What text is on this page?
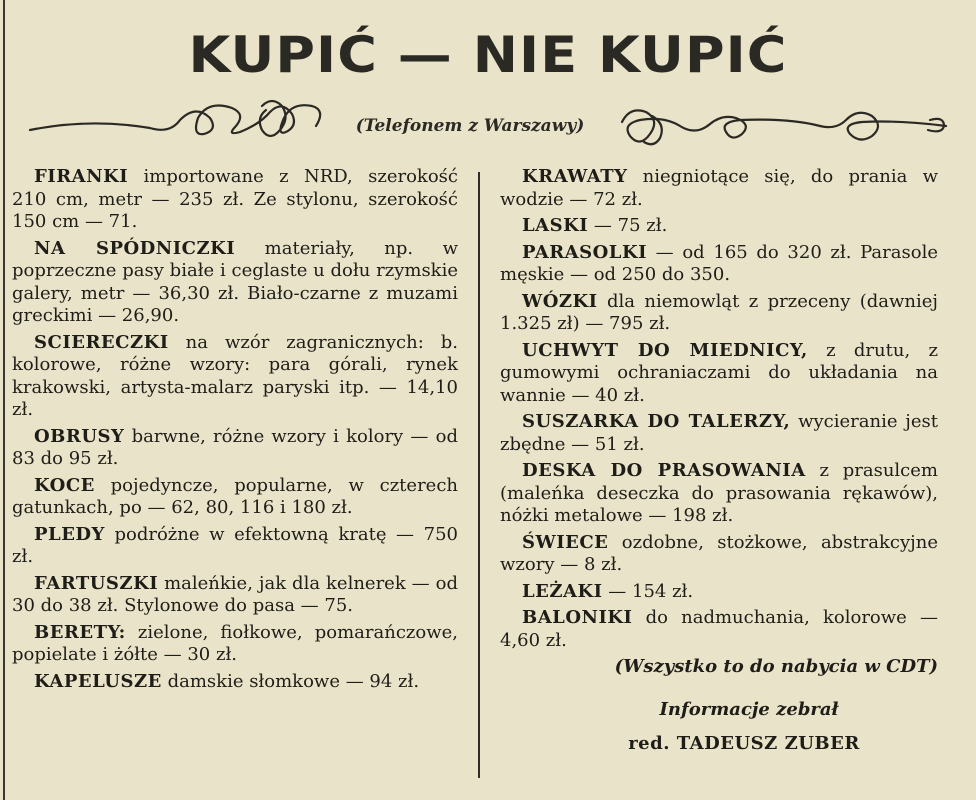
KUPIĆ — NIE KUPIĆ
(Telefonem z Warszawy)

FIRANKI importowane z NRD, szerokość 210 cm, metr — 235 zł. Ze stylonu, szerokość 150 cm — 71.

NA SPÓDNICZKI materiały, np. w poprzeczne pasy białe i ceglaste u dołu rzymskie galery, metr — 36,30 zł. Biało-czarne z muzami greckimi — 26,90.

SCIERECZKI na wzór zagranicznych: b. kolorowe, różne wzory: para górali, rynek krakowski, artysta-malarz paryski itp. — 14,10 zł.

OBRUSY barwne, różne wzory i kolory — od 83 do 95 zł.

KOCE pojedyncze, popularne, w czterech gatunkach, po — 62, 80, 116 i 180 zł.

PLEDY podróżne w efektowną kratę — 750 zł.

FARTUSZKI maleńkie, jak dla kelnerek — od 30 do 38 zł. Stylonowe do pasa — 75.

BERETY: zielone, fiołkowe, pomarańczowe, popielate i żółte — 30 zł.

KAPELUSZE damskie słomkowe — 94 zł.

KRAWATY niegniotące się, do prania w wodzie — 72 zł.

LASKI — 75 zł.

PARASOLKI — od 165 do 320 zł. Parasole męskie — od 250 do 350.

WÓZKI dla niemowląt z przeceny (dawniej 1.325 zł) — 795 zł.

UCHWYT DO MIEDNICY, z drutu, z gumowymi ochraniaczami do układania na wannie — 40 zł.

SUSZARKA DO TALERZY, wycieranie jest zbędne — 51 zł.

DESKA DO PRASOWANIA z prasulcem (maleńka deseczka do prasowania rękawów), nóżki metalowe — 198 zł.

ŚWIECE ozdobne, stożkowe, abstrakcyjne wzory — 8 zł.

LEŻAKI — 154 zł.

BALONIKI do nadmuchania, kolorowe — 4,60 zł.

(Wszystko to do nabycia w CDT)
Informacje zebrał
red. TADEUSZ ZUBER
